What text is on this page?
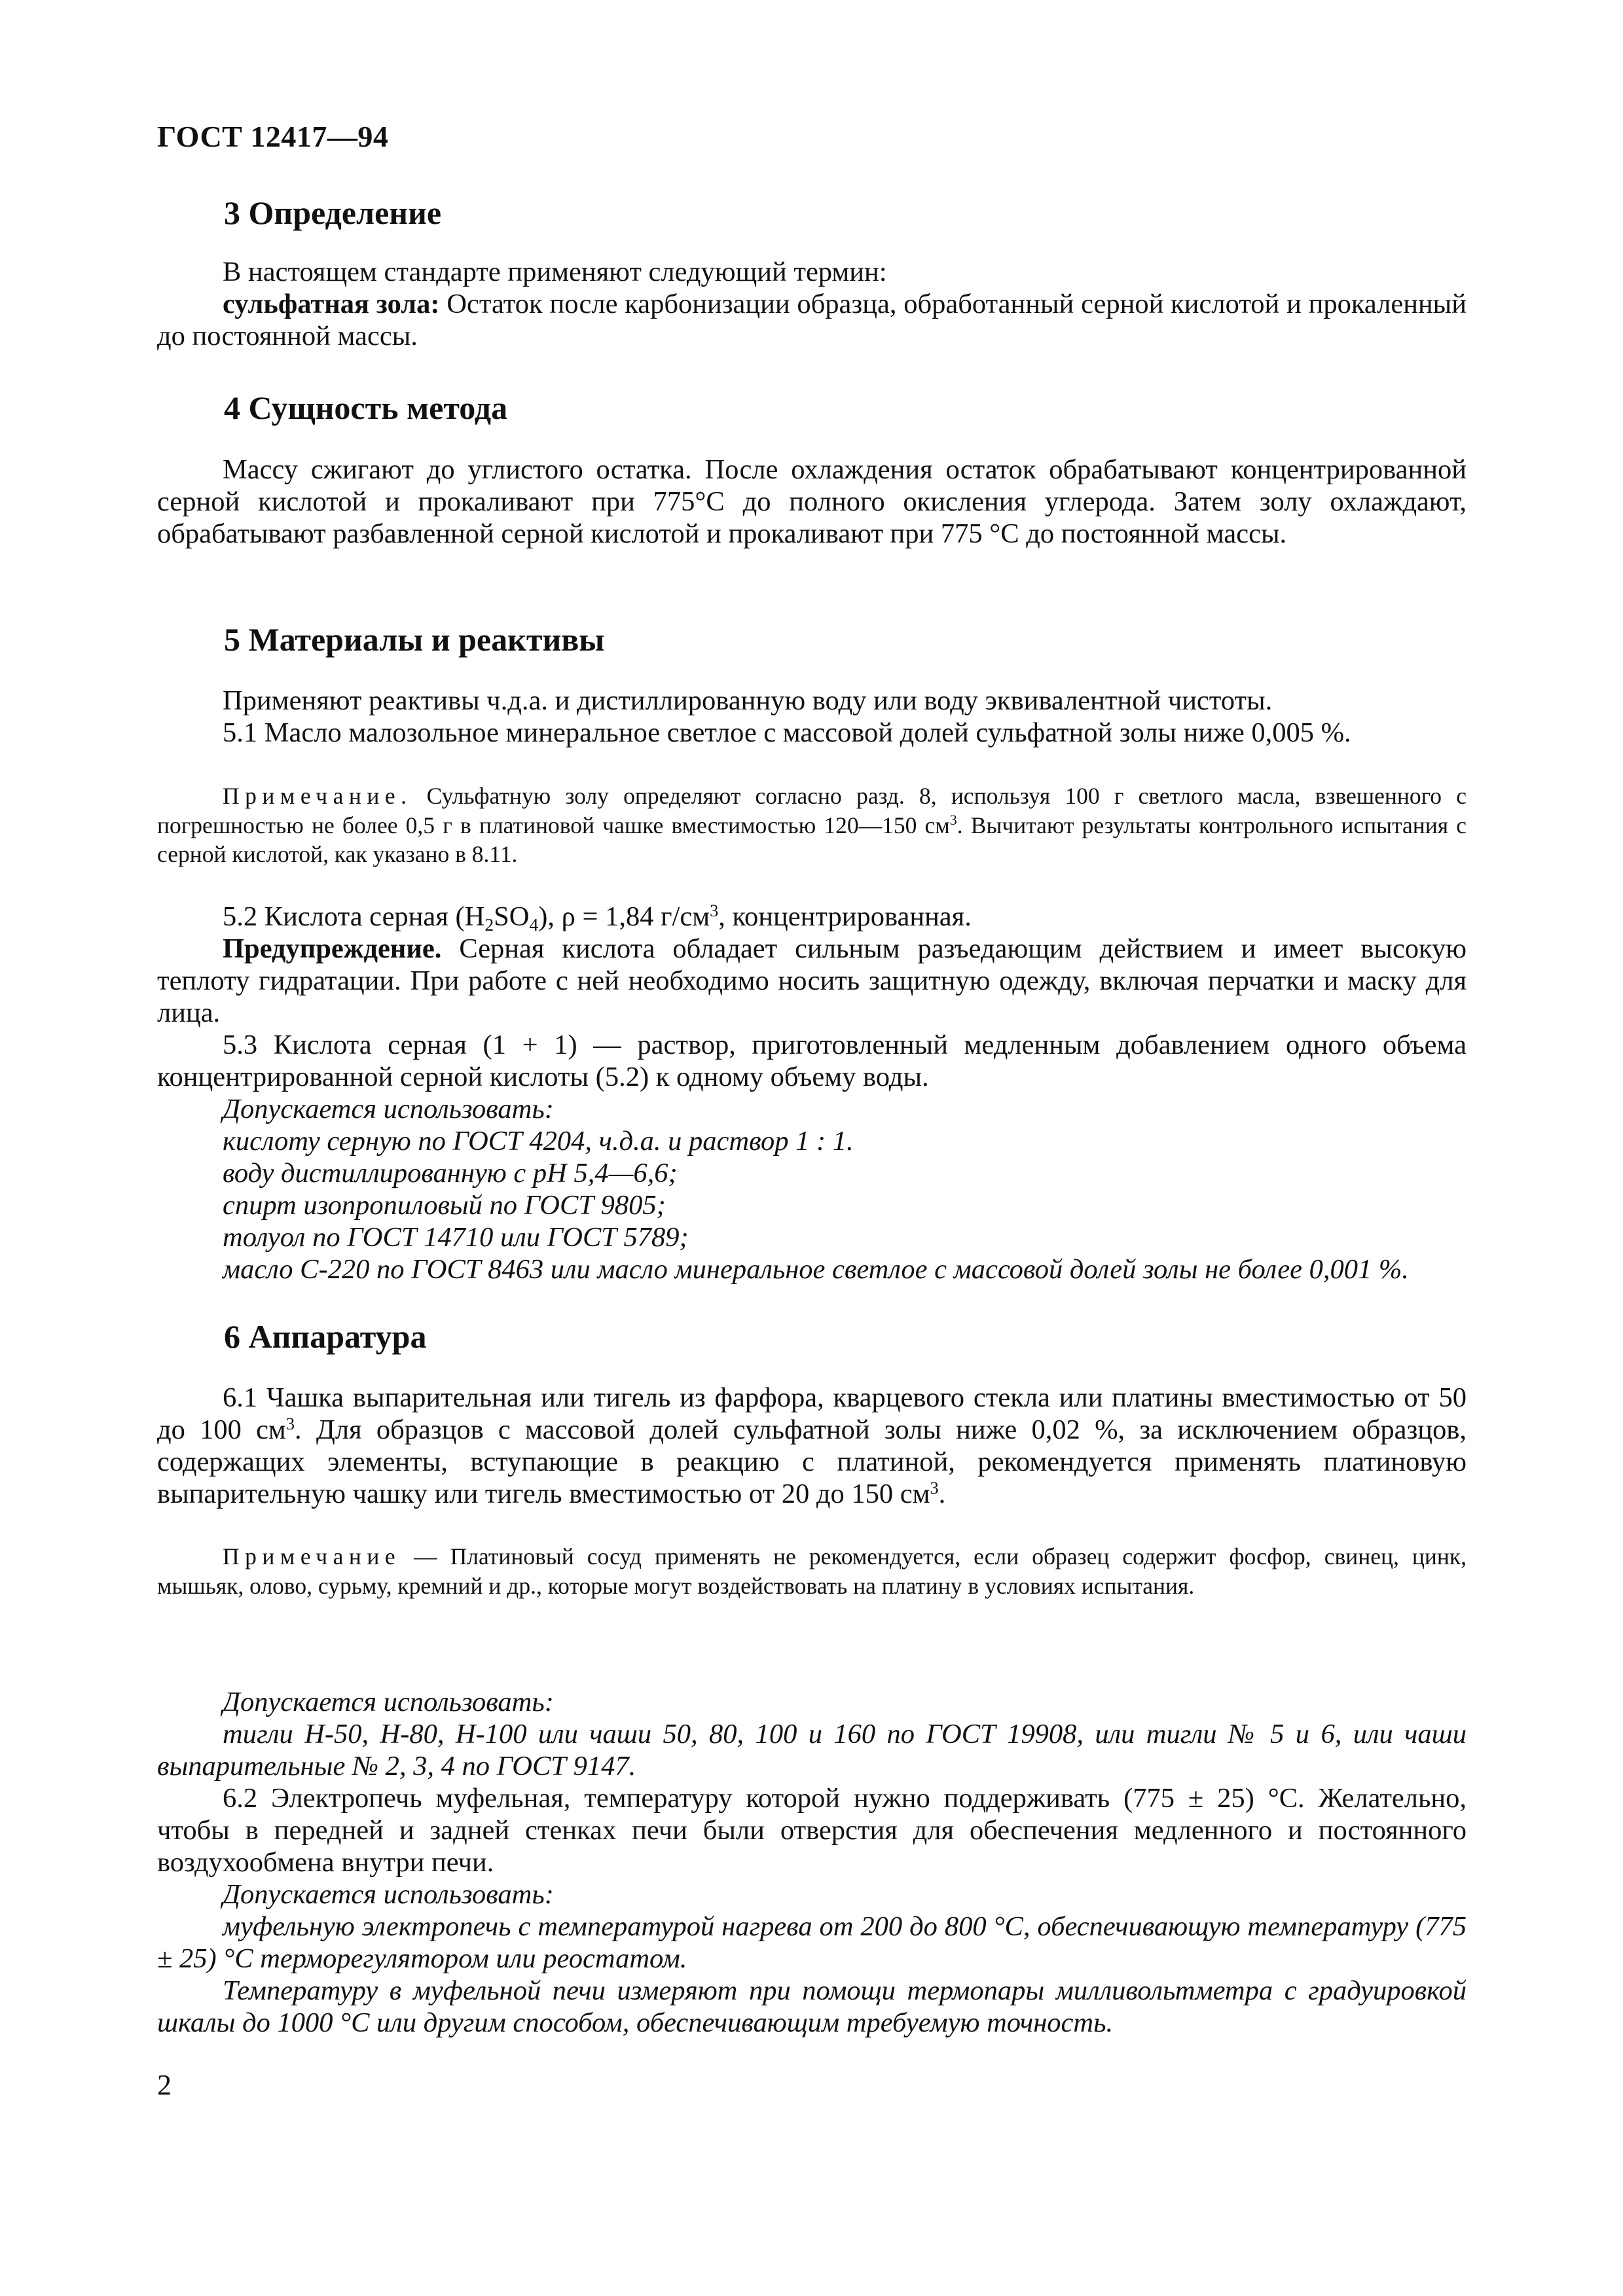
ГОСТ 12417—94
3 Определение

В настоящем стандарте применяют следующий термин:

сульфатная зола: Остаток после карбонизации образца, обработанный серной кислотой и прокаленный до постоянной массы.

4 Сущность метода

Массу сжигают до углистого остатка. После охлаждения остаток обрабатывают концентрированной серной кислотой и прокаливают при 775°С до полного окисления углерода. Затем золу охлаждают, обрабатывают разбавленной серной кислотой и прокаливают при 775 °С до постоянной массы.

5 Материалы и реактивы

Применяют реактивы ч.д.а. и дистиллированную воду или воду эквивалентной чистоты.

5.1 Масло малозольное минеральное светлое с массовой долей сульфатной золы ниже 0,005 %.

Примечание. Сульфатную золу определяют согласно разд. 8, используя 100 г светлого масла, взвешенного с погрешностью не более 0,5 г в платиновой чашке вместимостью 120—150 $см^3$. Вычитают результаты контрольного испытания с серной кислотой, как указано в 8.11.

5.2 Кислота серная $(H_2SO_4)$, ρ = 1,84 $г/см^3$, концентрированная.

Предупреждение. Серная кислота обладает сильным разъедающим действием и имеет высокую теплоту гидратации. При работе с ней необходимо носить защитную одежду, включая перчатки и маску для лица.

5.3 Кислота серная (1 + 1) — раствор, приготовленный медленным добавлением одного объема концентрированной серной кислоты (5.2) к одному объему воды.

Допускается использовать:

кислоту серную по ГОСТ 4204, ч.д.а. и раствор 1 : 1.

воду дистиллированную с рН 5,4—6,6;

спирт изопропиловый по ГОСТ 9805;

толуол по ГОСТ 14710 или ГОСТ 5789;

масло С-220 по ГОСТ 8463 или масло минеральное светлое с массовой долей золы не более 0,001 %.

6 Аппаратура

6.1 Чашка выпарительная или тигель из фарфора, кварцевого стекла или платины вместимостью от 50 до 100 $см^3$. Для образцов с массовой долей сульфатной золы ниже 0,02 %, за исключением образцов, содержащих элементы, вступающие в реакцию с платиной, рекомендуется применять платиновую выпарительную чашку или тигель вместимостью от 20 до 150 $см^3$.

Примечание — Платиновый сосуд применять не рекомендуется, если образец содержит фосфор, свинец, цинк, мышьяк, олово, сурьму, кремний и др., которые могут воздействовать на платину в условиях испытания.

Допускается использовать:

тигли Н-50, Н-80, Н-100 или чаши 50, 80, 100 и 160 по ГОСТ 19908, или тигли № 5 и 6, или чаши выпарительные № 2, 3, 4 по ГОСТ 9147.

6.2 Электропечь муфельная, температуру которой нужно поддерживать (775 ± 25) °С. Желательно, чтобы в передней и задней стенках печи были отверстия для обеспечения медленного и постоянного воздухообмена внутри печи.

Допускается использовать:

муфельную электропечь с температурой нагрева от 200 до 800 °С, обеспечивающую температуру (775 ± 25) °С терморегулятором или реостатом.

Температуру в муфельной печи измеряют при помощи термопары милливольтметра с градуировкой шкалы до 1000 °С или другим способом, обеспечивающим требуемую точность.

2
